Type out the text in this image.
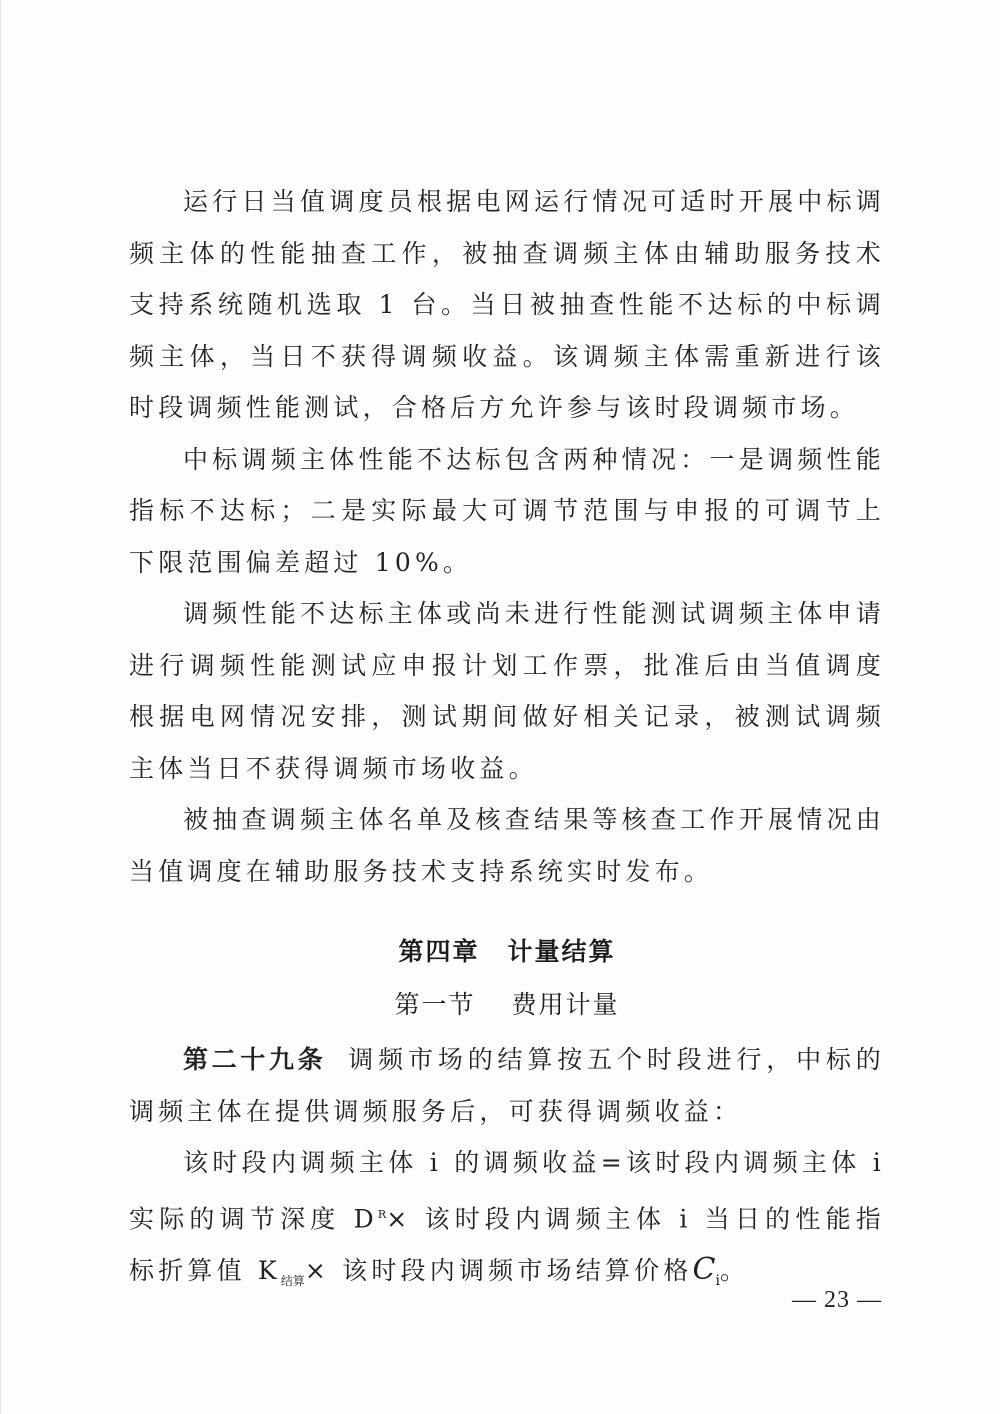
运行日当值调度员根据电网运行情况可适时开展中标调频主体的性能抽查工作，被抽查调频主体由辅助服务技术支持系统随机选取 1 台。当日被抽查性能不达标的中标调频主体，当日不获得调频收益。该调频主体需重新进行该时段调频性能测试，合格后方允许参与该时段调频市场。

中标调频主体性能不达标包含两种情况：一是调频性能指标不达标；二是实际最大可调节范围与申报的可调节上下限范围偏差超过 10%。

调频性能不达标主体或尚未进行性能测试调频主体申请进行调频性能测试应申报计划工作票，批准后由当值调度根据电网情况安排，测试期间做好相关记录，被测试调频主体当日不获得调频市场收益。

被抽查调频主体名单及核查结果等核查工作开展情况由当值调度在辅助服务技术支持系统实时发布。

第四章 计量结算
第一节 费用计量

第二十九条 调频市场的结算按五个时段进行，中标的调频主体在提供调频服务后，可获得调频收益：

该时段内调频主体 i 的调频收益=该时段内调频主体 i 实际的调节深度 $D^R\times$ 该时段内调频主体 i 当日的性能指标折算值 $K_{结算}\times$ 该时段内调频市场结算价格$C_i$。

— 23 —
